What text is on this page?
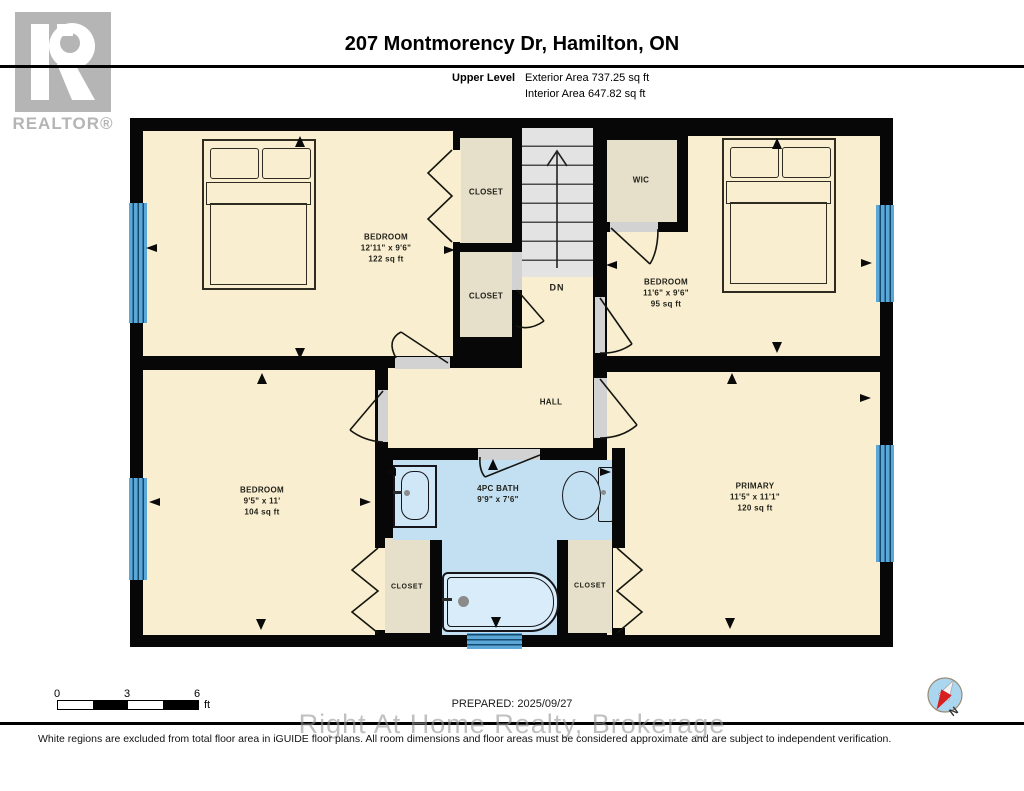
REALTOR®
207 Montmorency Dr, Hamilton, ON
Upper Level Exterior Area 737.25 sq ft
Interior Area 647.82 sq ft
BEDROOM
12'11" x 9'6"
122 sq ft
BEDROOM
11'6" x 9'6"
95 sq ft
BEDROOM
9'5" x 11'
104 sq ft
PRIMARY
11'5" x 11'1"
120 sq ft
4PC BATH
9'9" x 7'6"
HALL
WIC
CLOSET
CLOSET
CLOSET	CLOSET
DN
0	3	6
ft	PREPARED: 2025/09/27
Right At Home Realty, Brokerage
White regions are excluded from total floor area in iGUIDE floor plans. All room dimensions and floor areas must be considered approximate and are subject to independent verification.
N
